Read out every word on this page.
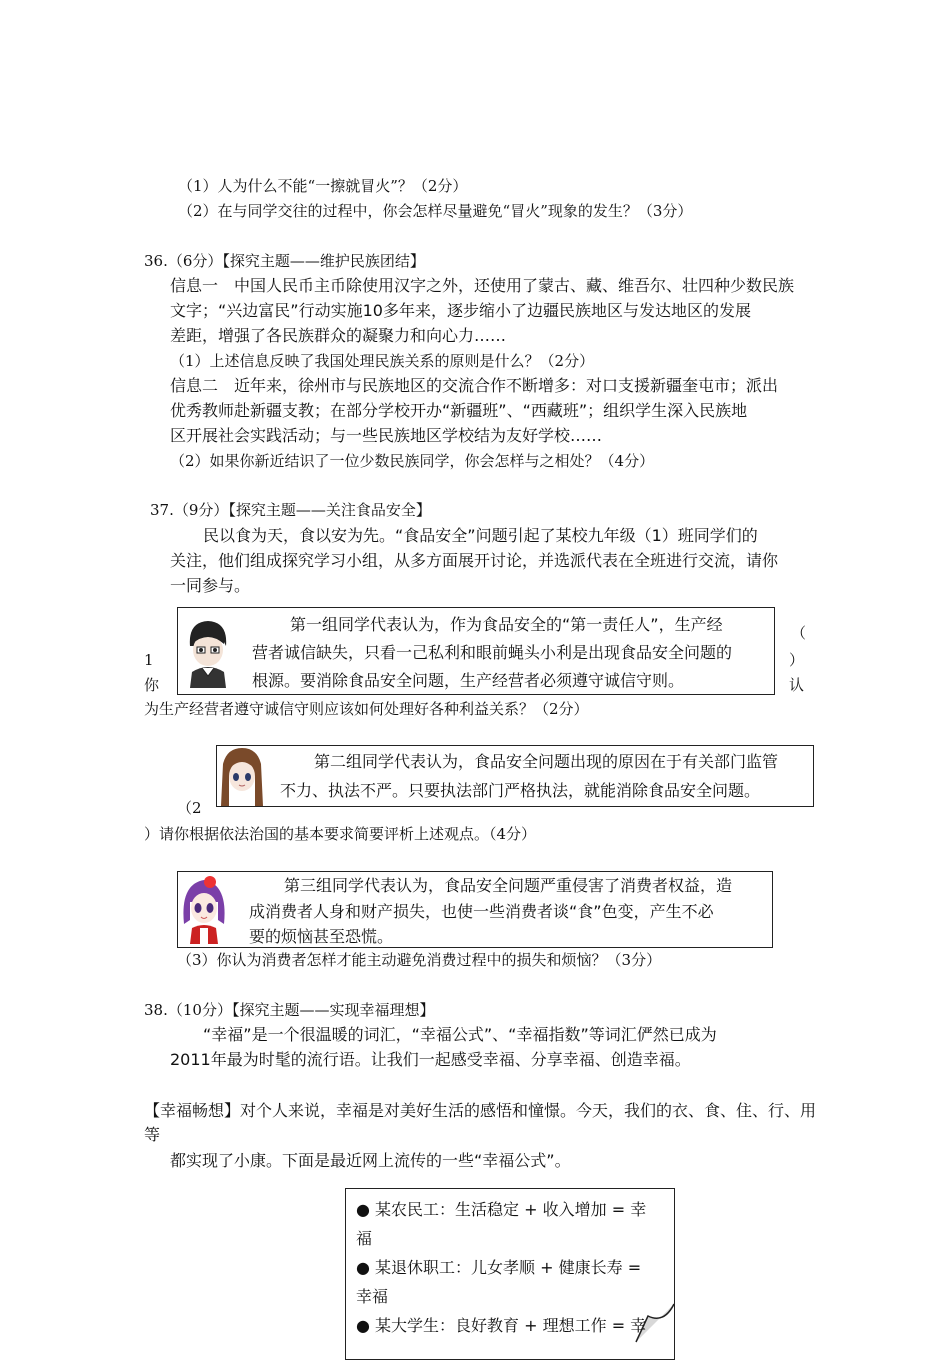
（1）人为什么不能“一擦就冒火”？（2分）
（2）在与同学交往的过程中，你会怎样尽量避免“冒火”现象的发生？（3分）
36.（6分）【探究主题——维护民族团结】
信息一　中国人民币主币除使用汉字之外，还使用了蒙古、藏、维吾尔、壮四种少数民族
文字；“兴边富民”行动实施10多年来，逐步缩小了边疆民族地区与发达地区的发展
差距，增强了各民族群众的凝聚力和向心力……
（1）上述信息反映了我国处理民族关系的原则是什么？（2分）
信息二　近年来，徐州市与民族地区的交流合作不断增多：对口支援新疆奎屯市；派出
优秀教师赴新疆支教；在部分学校开办“新疆班”、“西藏班”；组织学生深入民族地
区开展社会实践活动；与一些民族地区学校结为友好学校……
（2）如果你新近结识了一位少数民族同学，你会怎样与之相处？（4分）
37.（9分）【探究主题——关注食品安全】
民以食为天，食以安为先。“食品安全”问题引起了某校九年级（1）班同学们的
关注，他们组成探究学习小组，从多方面展开讨论，并选派代表在全班进行交流，请你
一同参与。
第一组同学代表认为，作为食品安全的“第一责任人”，生产经
营者诚信缺失，只看一己私利和眼前蝇头小利是出现食品安全问题的
根源。要消除食品安全问题，生产经营者必须遵守诚信守则。
（
1	）
你	认
为生产经营者遵守诚信守则应该如何处理好各种利益关系？（2分）
第二组同学代表认为，食品安全问题出现的原因在于有关部门监管
不力、执法不严。只要执法部门严格执法，就能消除食品安全问题。
（2
）请你根据依法治国的基本要求简要评析上述观点。（4分）
第三组同学代表认为，食品安全问题严重侵害了消费者权益，造
成消费者人身和财产损失，也使一些消费者谈“食”色变，产生不必
要的烦恼甚至恐慌。
（3）你认为消费者怎样才能主动避免消费过程中的损失和烦恼？（3分）
38.（10分）【探究主题——实现幸福理想】
“幸福”是一个很温暖的词汇，“幸福公式”、“幸福指数”等词汇俨然已成为
2011年最为时髦的流行语。让我们一起感受幸福、分享幸福、创造幸福。
【幸福畅想】对个人来说，幸福是对美好生活的感悟和憧憬。今天，我们的衣、食、住、行、用
等
都实现了小康。下面是最近网上流传的一些“幸福公式”。
● 某农民工：生活稳定 + 收入增加 = 幸
福
● 某退休职工：儿女孝顺 + 健康长寿 =
幸福
● 某大学生：良好教育 + 理想工作 = 幸
